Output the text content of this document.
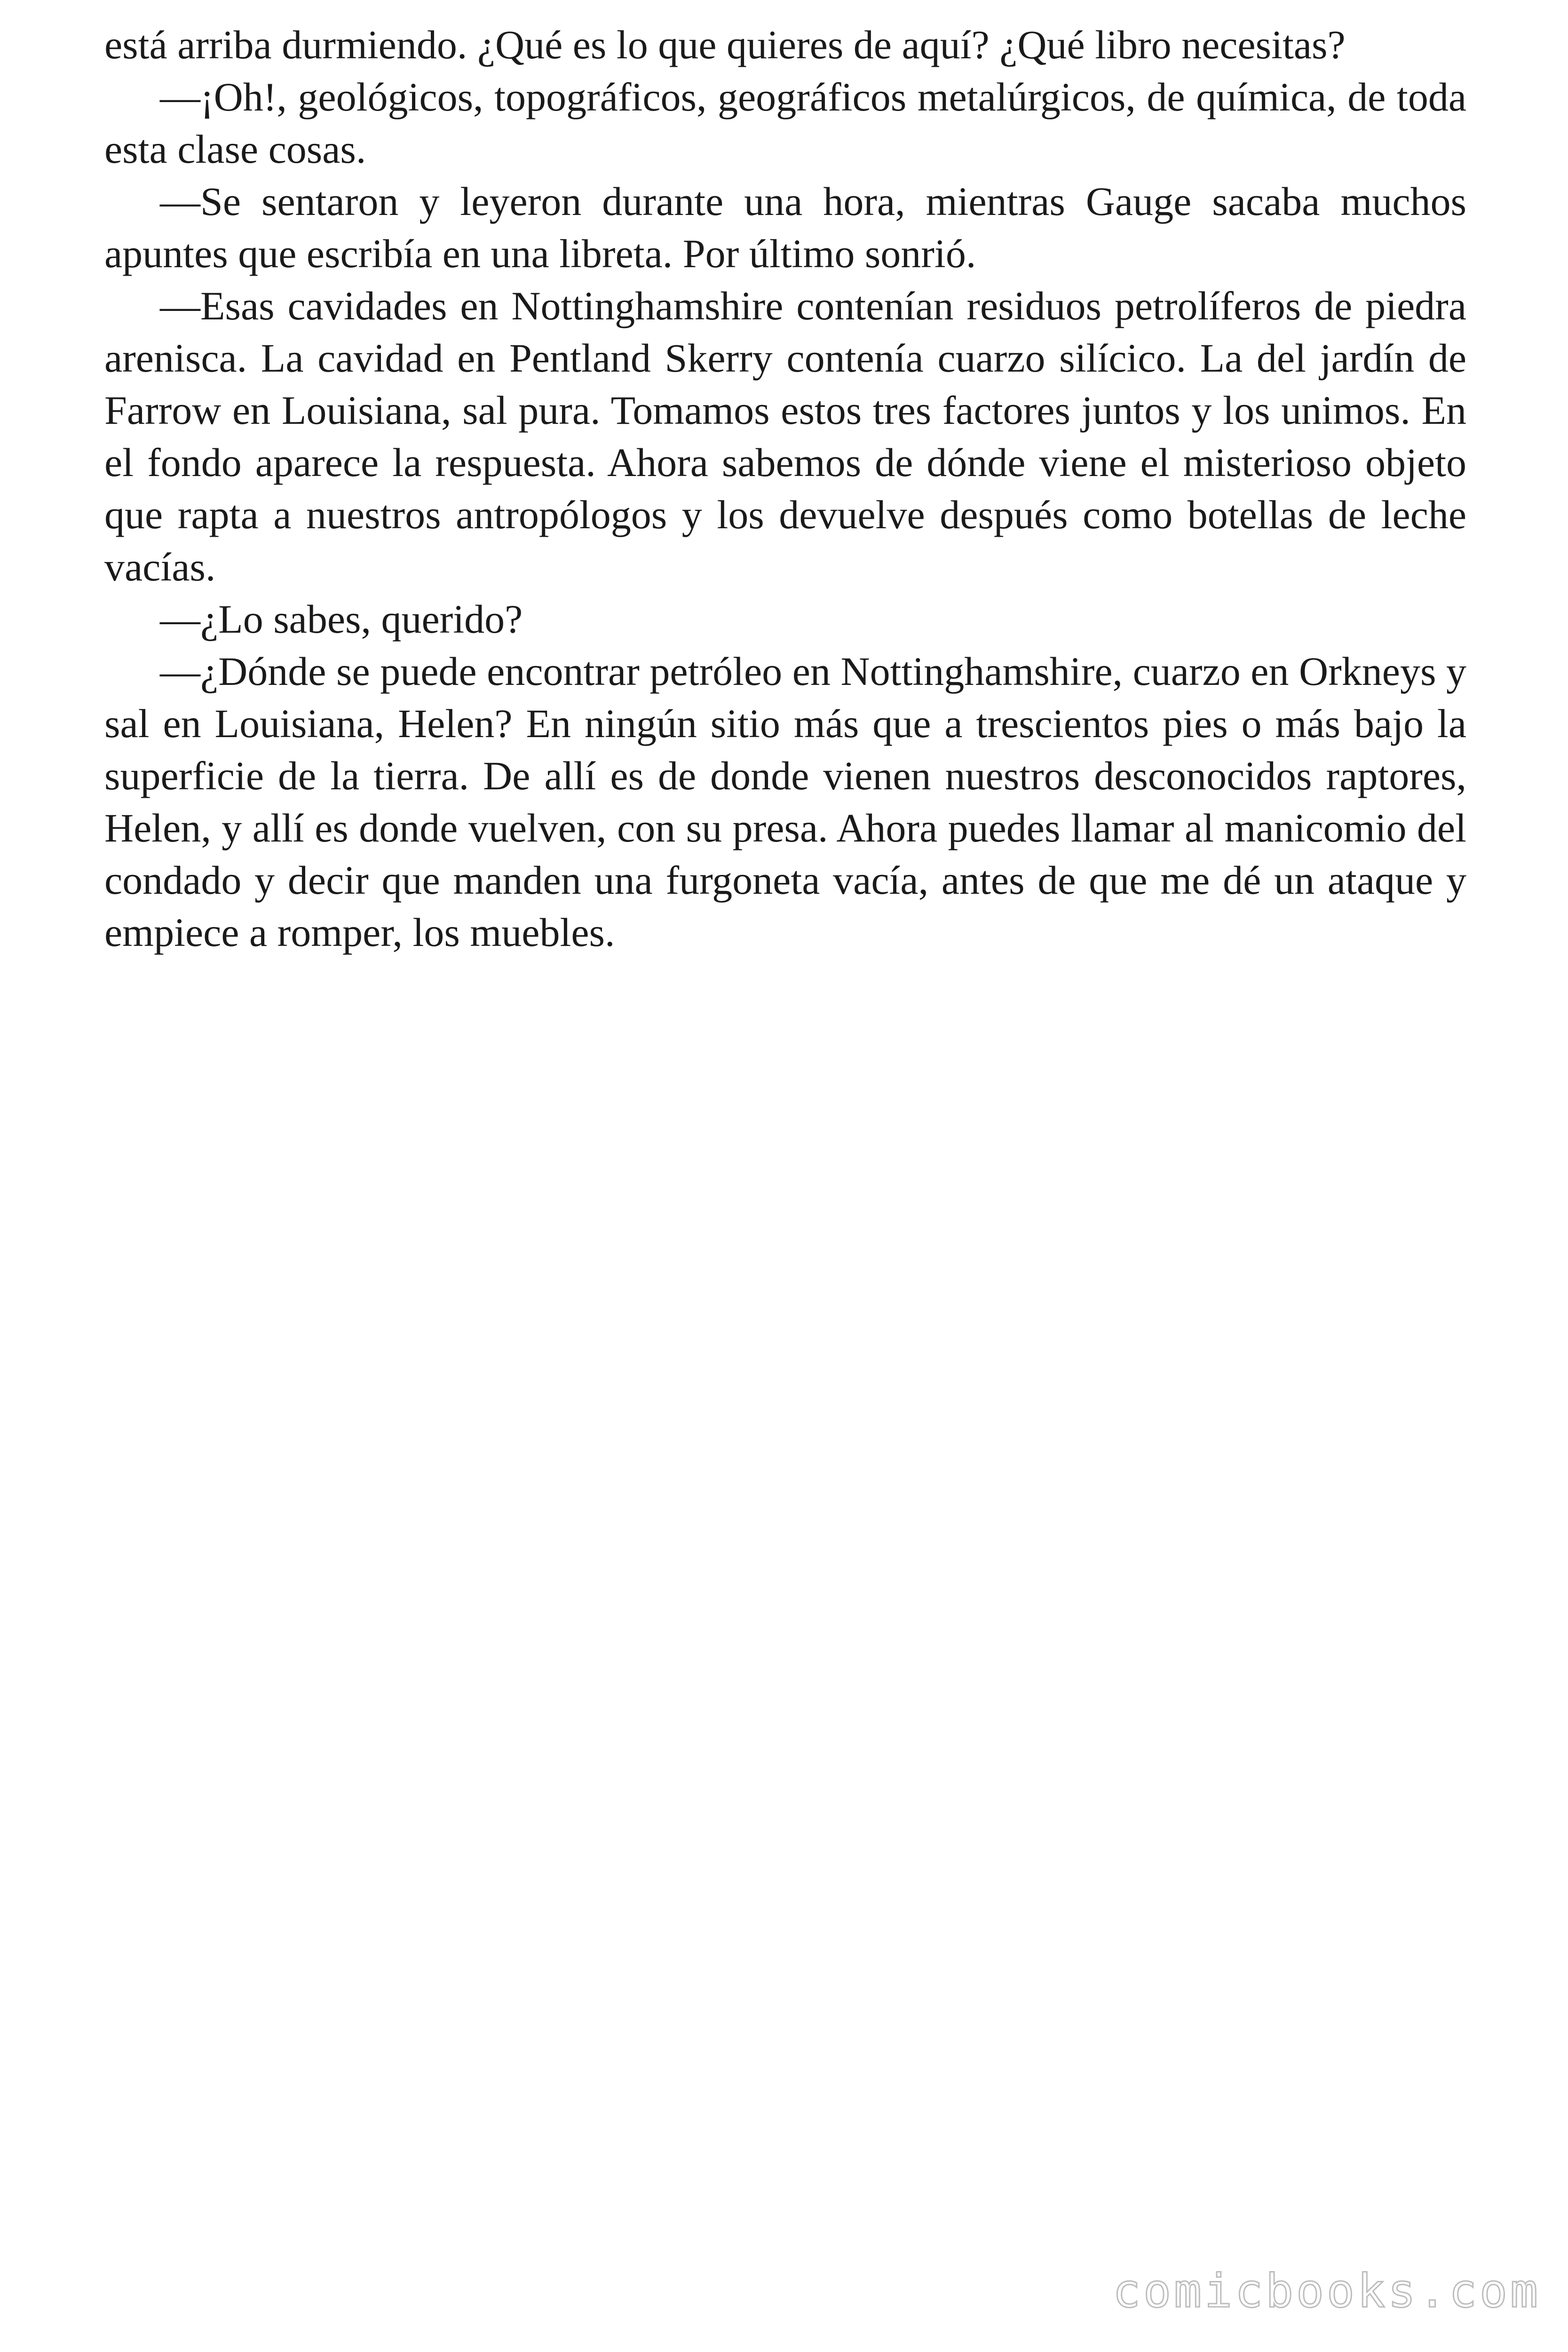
está arriba durmiendo. ¿Qué es lo que quieres de aquí? ¿Qué libro necesitas?

—¡Oh!, geológicos, topográficos, geográficos metalúrgicos, de química, de toda esta clase cosas.

—Se sentaron y leyeron durante una hora, mientras Gauge sacaba muchos apuntes que escribía en una libreta. Por último sonrió.

—Esas cavidades en Nottinghamshire contenían residuos petrolíferos de piedra arenisca. La cavidad en Pentland Skerry contenía cuarzo silícico. La del jardín de Farrow en Louisiana, sal pura. Tomamos estos tres factores juntos y los unimos. En el fondo aparece la respuesta. Ahora sabemos de dónde viene el misterioso objeto que rapta a nuestros antropólogos y los devuelve después como botellas de leche vacías.

—¿Lo sabes, querido?

—¿Dónde se puede encontrar petróleo en Nottinghamshire, cuarzo en Orkneys y sal en Louisiana, Helen? En ningún sitio más que a trescientos pies o más bajo la superficie de la tierra. De allí es de donde vienen nuestros desconocidos raptores, Helen, y allí es donde vuelven, con su presa. Ahora puedes llamar al manicomio del condado y decir que manden una furgoneta vacía, antes de que me dé un ataque y empiece a romper, los muebles.

comicbooks.com
